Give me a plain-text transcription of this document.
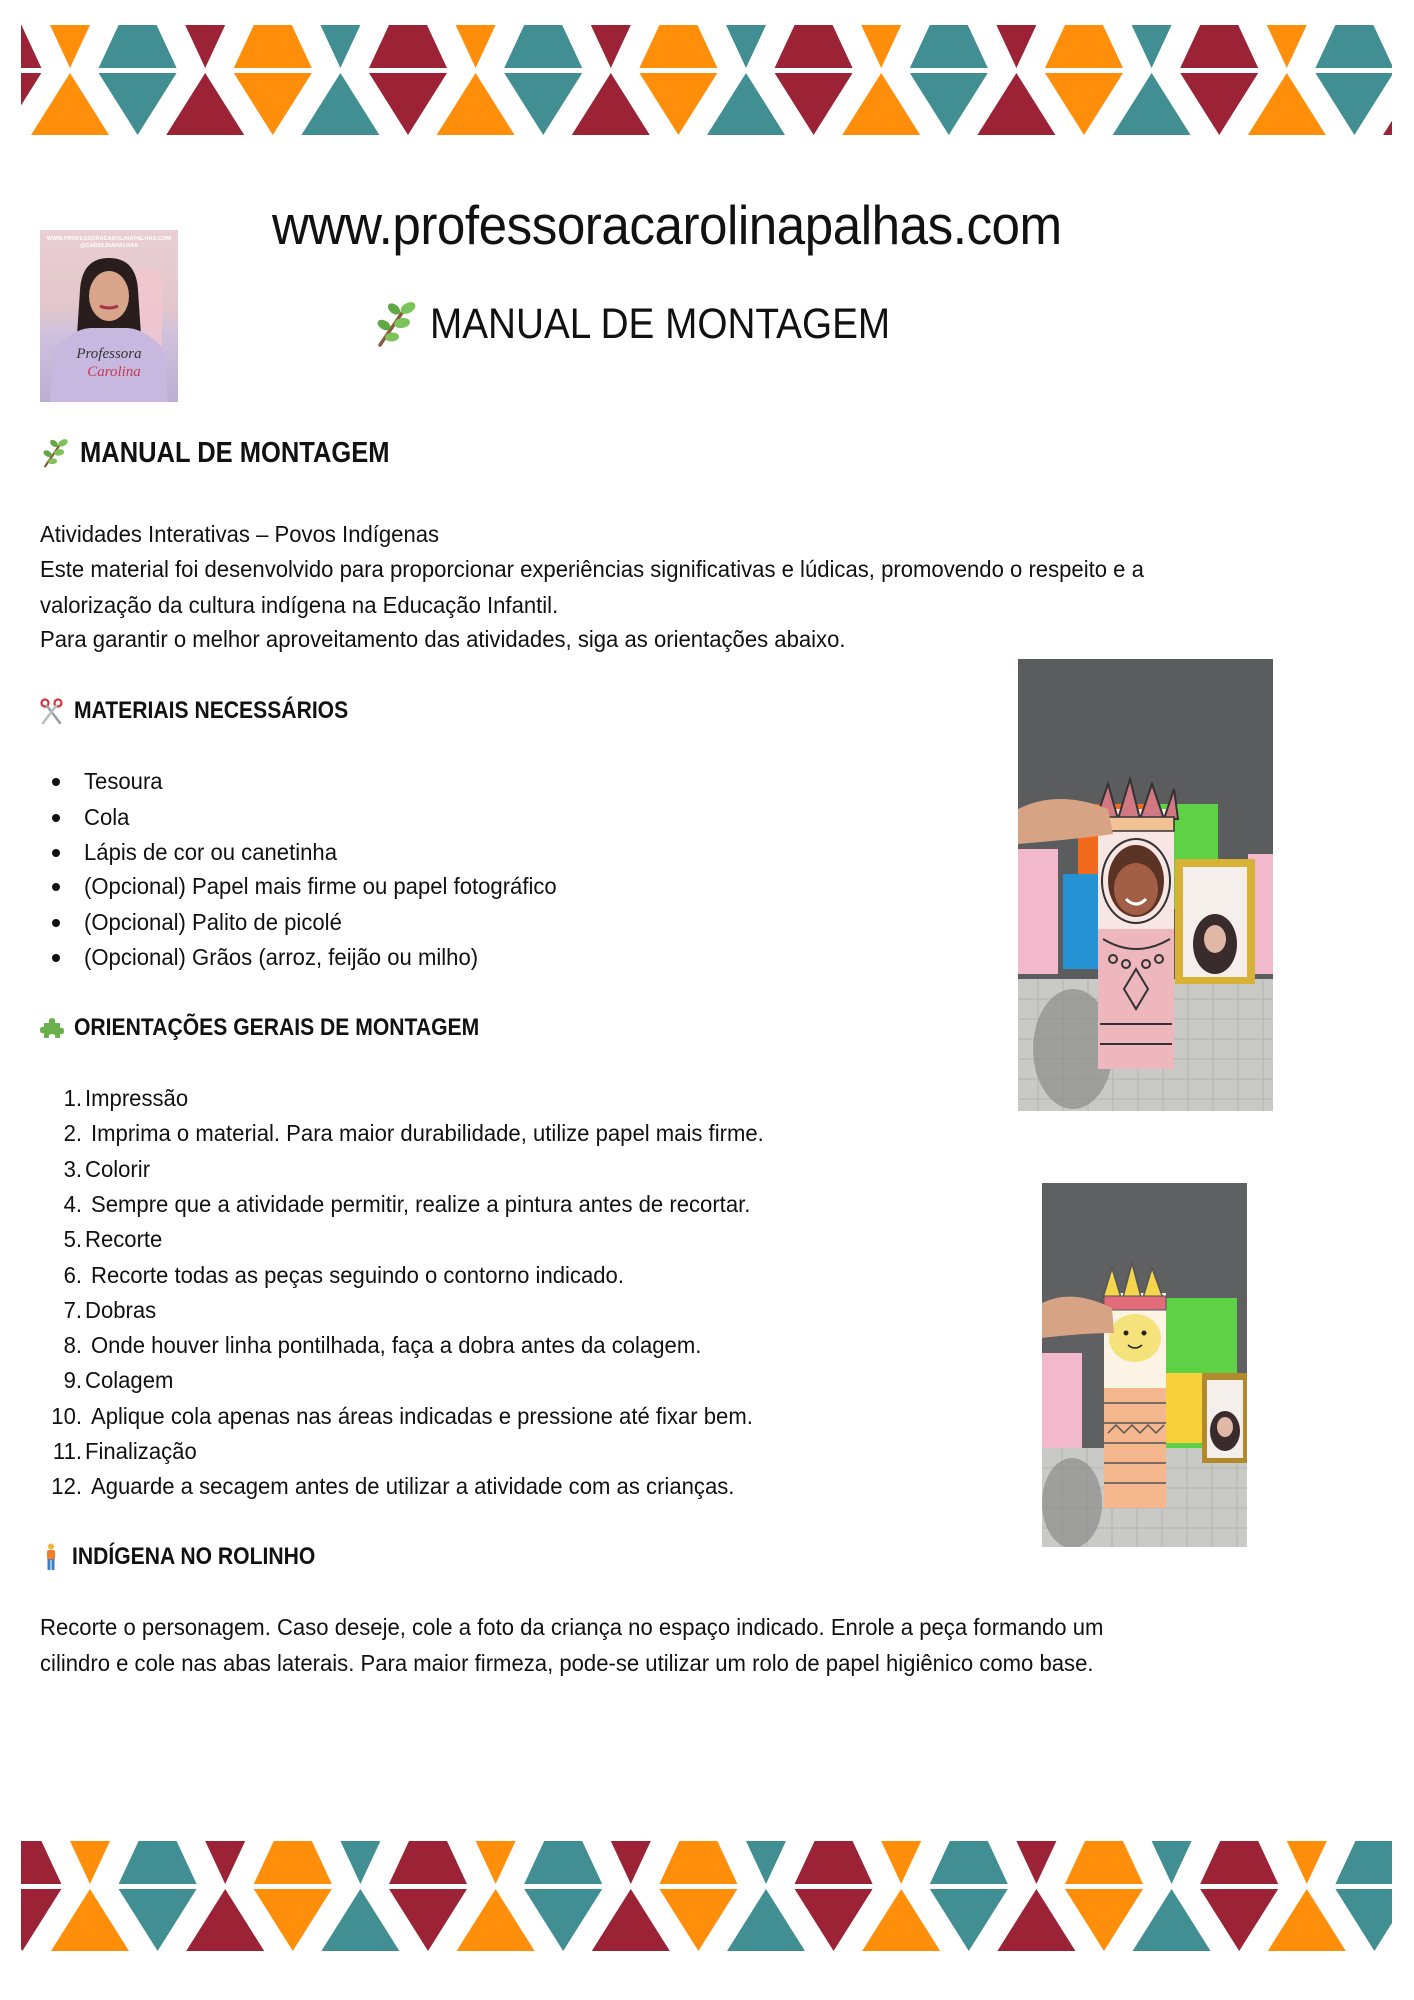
www.professoracarolinapalhas.com
MANUAL DE MONTAGEM
WWW.PROFESSORACAROLINAPALHAS.COM
@CAROLINAPALHAS
Professora
Carolina
MANUAL DE MONTAGEM
Atividades Interativas – Povos Indígenas
Este material foi desenvolvido para proporcionar experiências significativas e lúdicas, promovendo o respeito e a
valorização da cultura indígena na Educação Infantil.
Para garantir o melhor aproveitamento das atividades, siga as orientações abaixo.
MATERIAIS NECESSÁRIOS
Tesoura
Cola
Lápis de cor ou canetinha
(Opcional) Papel mais firme ou papel fotográfico
(Opcional) Palito de picolé
(Opcional) Grãos (arroz, feijão ou milho)
ORIENTAÇÕES GERAIS DE MONTAGEM
1. Impressão
2. Imprima o material. Para maior durabilidade, utilize papel mais firme.
3. Colorir
4. Sempre que a atividade permitir, realize a pintura antes de recortar.
5. Recorte
6. Recorte todas as peças seguindo o contorno indicado.
7. Dobras
8. Onde houver linha pontilhada, faça a dobra antes da colagem.
9. Colagem
10. Aplique cola apenas nas áreas indicadas e pressione até fixar bem.
11. Finalização
12. Aguarde a secagem antes de utilizar a atividade com as crianças.
INDÍGENA NO ROLINHO
Recorte o personagem. Caso deseje, cole a foto da criança no espaço indicado. Enrole a peça formando um
cilindro e cole nas abas laterais. Para maior firmeza, pode-se utilizar um rolo de papel higiênico como base.
